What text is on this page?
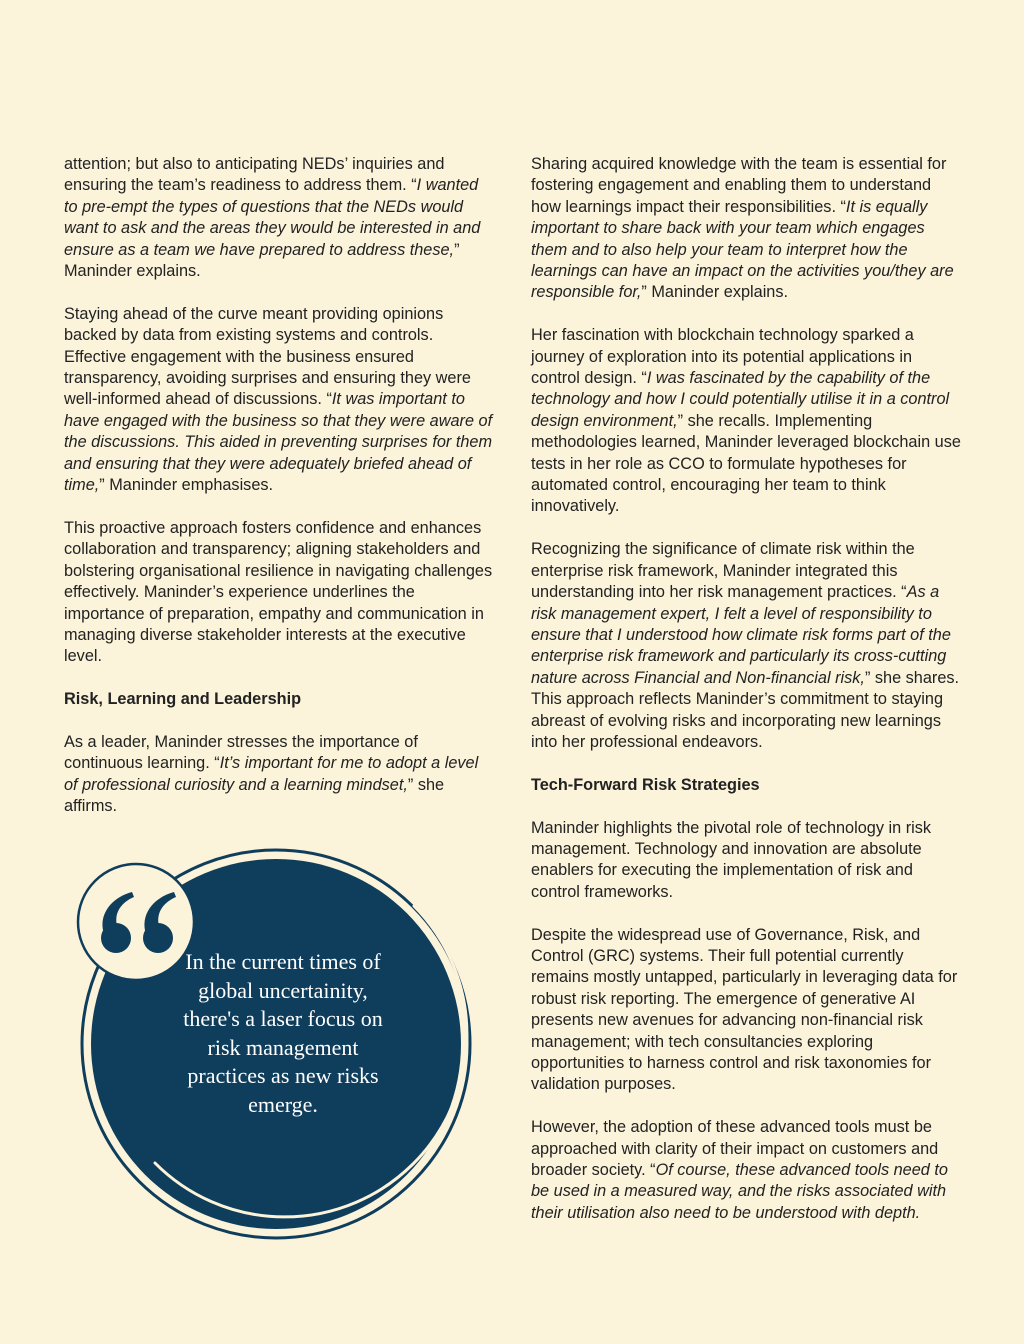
attention; but also to anticipating NEDs’ inquiries and ensuring the team’s readiness to address them. “I wanted to pre-empt the types of questions that the NEDs would want to ask and the areas they would be interested in and ensure as a team we have prepared to address these,” Maninder explains.

Staying ahead of the curve meant providing opinions backed by data from existing systems and controls. Effective engagement with the business ensured transparency, avoiding surprises and ensuring they were well-informed ahead of discussions. “It was important to have engaged with the business so that they were aware of the discussions. This aided in preventing surprises for them and ensuring that they were adequately briefed ahead of time,” Maninder emphasises.

This proactive approach fosters confidence and enhances collaboration and transparency; aligning stakeholders and bolstering organisational resilience in navigating challenges effectively. Maninder’s experience underlines the importance of preparation, empathy and communication in managing diverse stakeholder interests at the executive level.

Risk, Learning and Leadership

As a leader, Maninder stresses the importance of continuous learning. “It’s important for me to adopt a level of professional curiosity and a learning mindset,” she affirms.

Sharing acquired knowledge with the team is essential for fostering engagement and enabling them to understand how learnings impact their responsibilities. “It is equally important to share back with your team which engages them and to also help your team to interpret how the learnings can have an impact on the activities you/they are responsible for,” Maninder explains.

Her fascination with blockchain technology sparked a journey of exploration into its potential applications in control design. “I was fascinated by the capability of the technology and how I could potentially utilise it in a control design environment,” she recalls. Implementing methodologies learned, Maninder leveraged blockchain use tests in her role as CCO to formulate hypotheses for automated control, encouraging her team to think innovatively.

Recognizing the significance of climate risk within the enterprise risk framework, Maninder integrated this understanding into her risk management practices. “As a risk management expert, I felt a level of responsibility to ensure that I understood how climate risk forms part of the enterprise risk framework and particularly its cross-cutting nature across Financial and Non-financial risk,” she shares. This approach reflects Maninder’s commitment to staying abreast of evolving risks and incorporating new learnings into her professional endeavors.

Tech-Forward Risk Strategies

Maninder highlights the pivotal role of technology in risk management. Technology and innovation are absolute enablers for executing the implementation of risk and control frameworks.

Despite the widespread use of Governance, Risk, and Control (GRC) systems. Their full potential currently remains mostly untapped, particularly in leveraging data for robust risk reporting. The emergence of generative AI presents new avenues for advancing non-financial risk management; with tech consultancies exploring opportunities to harness control and risk taxonomies for validation purposes.

However, the adoption of these advanced tools must be approached with clarity of their impact on customers and broader society. “Of course, these advanced tools need to be used in a measured way, and the risks associated with their utilisation also need to be understood with depth.

In the current times of global uncertainity, there's a laser focus on risk management practices as new risks emerge.
